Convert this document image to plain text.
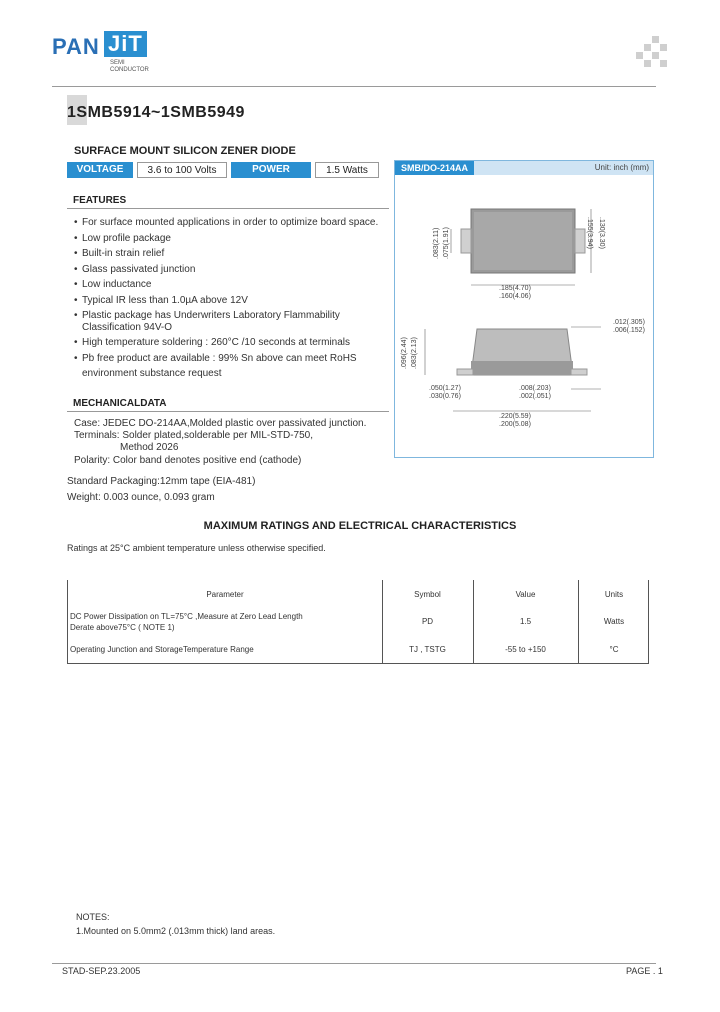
PAN JiT
SEMI
CONDUCTOR
1SMB5914~1SMB5949
SURFACE MOUNT SILICON ZENER DIODE
VOLTAGE	3.6 to 100 Volts	POWER	1.5 Watts
FEATURES
• For surface mounted applications in order to optimize board space.
• Low profile package
• Built-in strain relief
• Glass passivated junction
• Low inductance
• Typical IR less than 1.0µA above 12V
• Plastic package has Underwriters Laboratory Flammability
Classification 94V-O
• High temperature soldering : 260°C /10 seconds at terminals
• Pb free product are available : 99% Sn above can meet RoHS
environment substance request
MECHANICALDATA
Case: JEDEC DO-214AA,Molded plastic over passivated junction.
Terminals: Solder plated,solderable per MIL-STD-750,
Method 2026
Polarity: Color band denotes positive end (cathode)
Standard Packaging:12mm tape (EIA-481)
Weight: 0.003 ounce, 0.093 gram
SMB/DO-214AA	Unit: inch (mm)
.185(4.70)
.160(4.06)
.155(3.94) .130(3.30)
.083(2.11) .075(1.91)
.096(2.44) .083(2.13)
.012(.305)
.006(.152)
.050(1.27)
.030(0.76)
.008(.203)
.002(.051)
.220(5.59)
.200(5.08)
MAXIMUM RATINGS AND ELECTRICAL CHARACTERISTICS
Ratings at 25°C ambient temperature unless otherwise specified.
Parameter	Symbol	Value	Units
DC Power Dissipation on TL=75°C ,Measure at Zero Lead Length
Derate above75°C ( NOTE 1)
PD	1.5	Watts
Operating Junction and StorageTemperature Range	TJ , TSTG	-55 to +150	°C
NOTES:
1.Mounted on 5.0mm2 (.013mm thick) land areas.
STAD-SEP.23.2005	PAGE . 1
